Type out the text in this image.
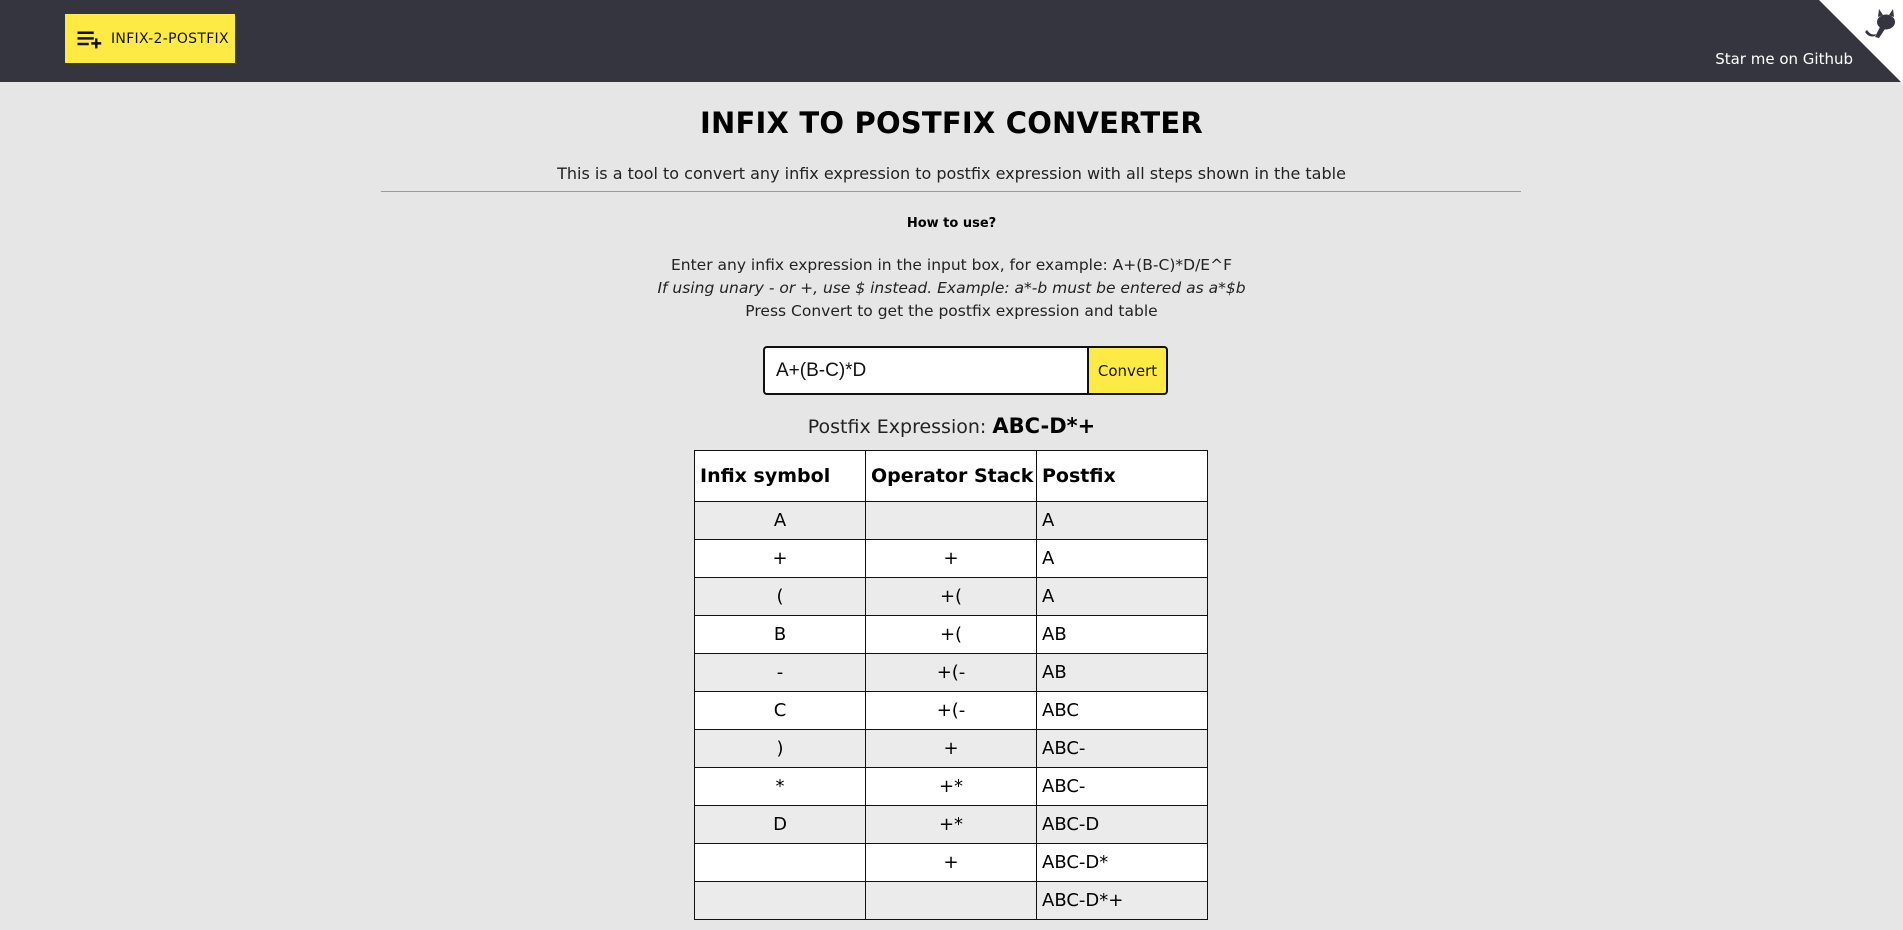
INFIX-2-POSTFIX
Star me on Github
INFIX TO POSTFIX CONVERTER

This is a tool to convert any infix expression to postfix expression with all steps shown in the table

How to use?

Enter any infix expression in the input box, for example: A+(B-C)*D/E^F

If using unary - or +, use $ instead. Example: a*-b must be entered as a*$b

Press Convert to get the postfix expression and table

A+(B-C)*D
Convert

Postfix Expression: ABC-D*+

Infix symbol	Operator Stack	Postfix
A		A
+	+	A
(	+(	A
B	+(	AB
-	+(-	AB
C	+(-	ABC
)	+	ABC-
*	+*	ABC-
D	+*	ABC-D
	+	ABC-D*
		ABC-D*+
